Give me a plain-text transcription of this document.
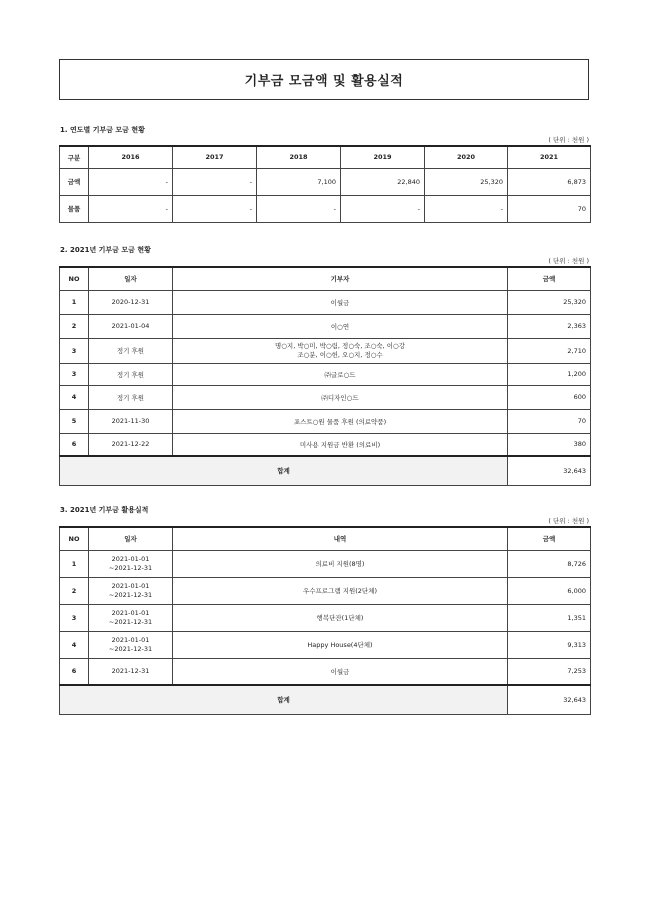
기부금 모금액 및 활용실적
1. 연도별 기부금 모금 현황
( 단위 : 천원 )
구분	2016	2017	2018	2019	2020	2021
금액	-	-	7,100	22,840	25,320	6,873
물품	-	-	-	-	-	70
2. 2021년 기부금 모금 현황
( 단위 : 천원 )
NO	일자	기부자	금액
1	2020-12-31	이월금	25,320
2	2021-01-04	이○연	2,363
3	정기 후원	명○지, 박○미, 박○림, 정○숙, 조○숙, 이○강
조○분, 이○헌, 오○지, 정○수	2,710
3	정기 후원	㈜글로○드	1,200
4	정기 후원	㈜디자인○드	600
5	2021-11-30	포스트○원 물품 후원 (의료약품)	70
6	2021-12-22	미사용 지원금 반환 (의료비)	380
합계			32,643
3. 2021년 기부금 활용실적
( 단위 : 천원 )
NO	일자	내역	금액
1	2021-01-01
~2021-12-31	의료비 지원(8명)	8,726
2	2021-01-01
~2021-12-31	우수프로그램 지원(2단체)	6,000
3	2021-01-01
~2021-12-31	행복단잔(1단체)	1,351
4	2021-01-01
~2021-12-31	Happy House(4단체)	9,313
6	2021-12-31	이월금	7,253
합계			32,643
